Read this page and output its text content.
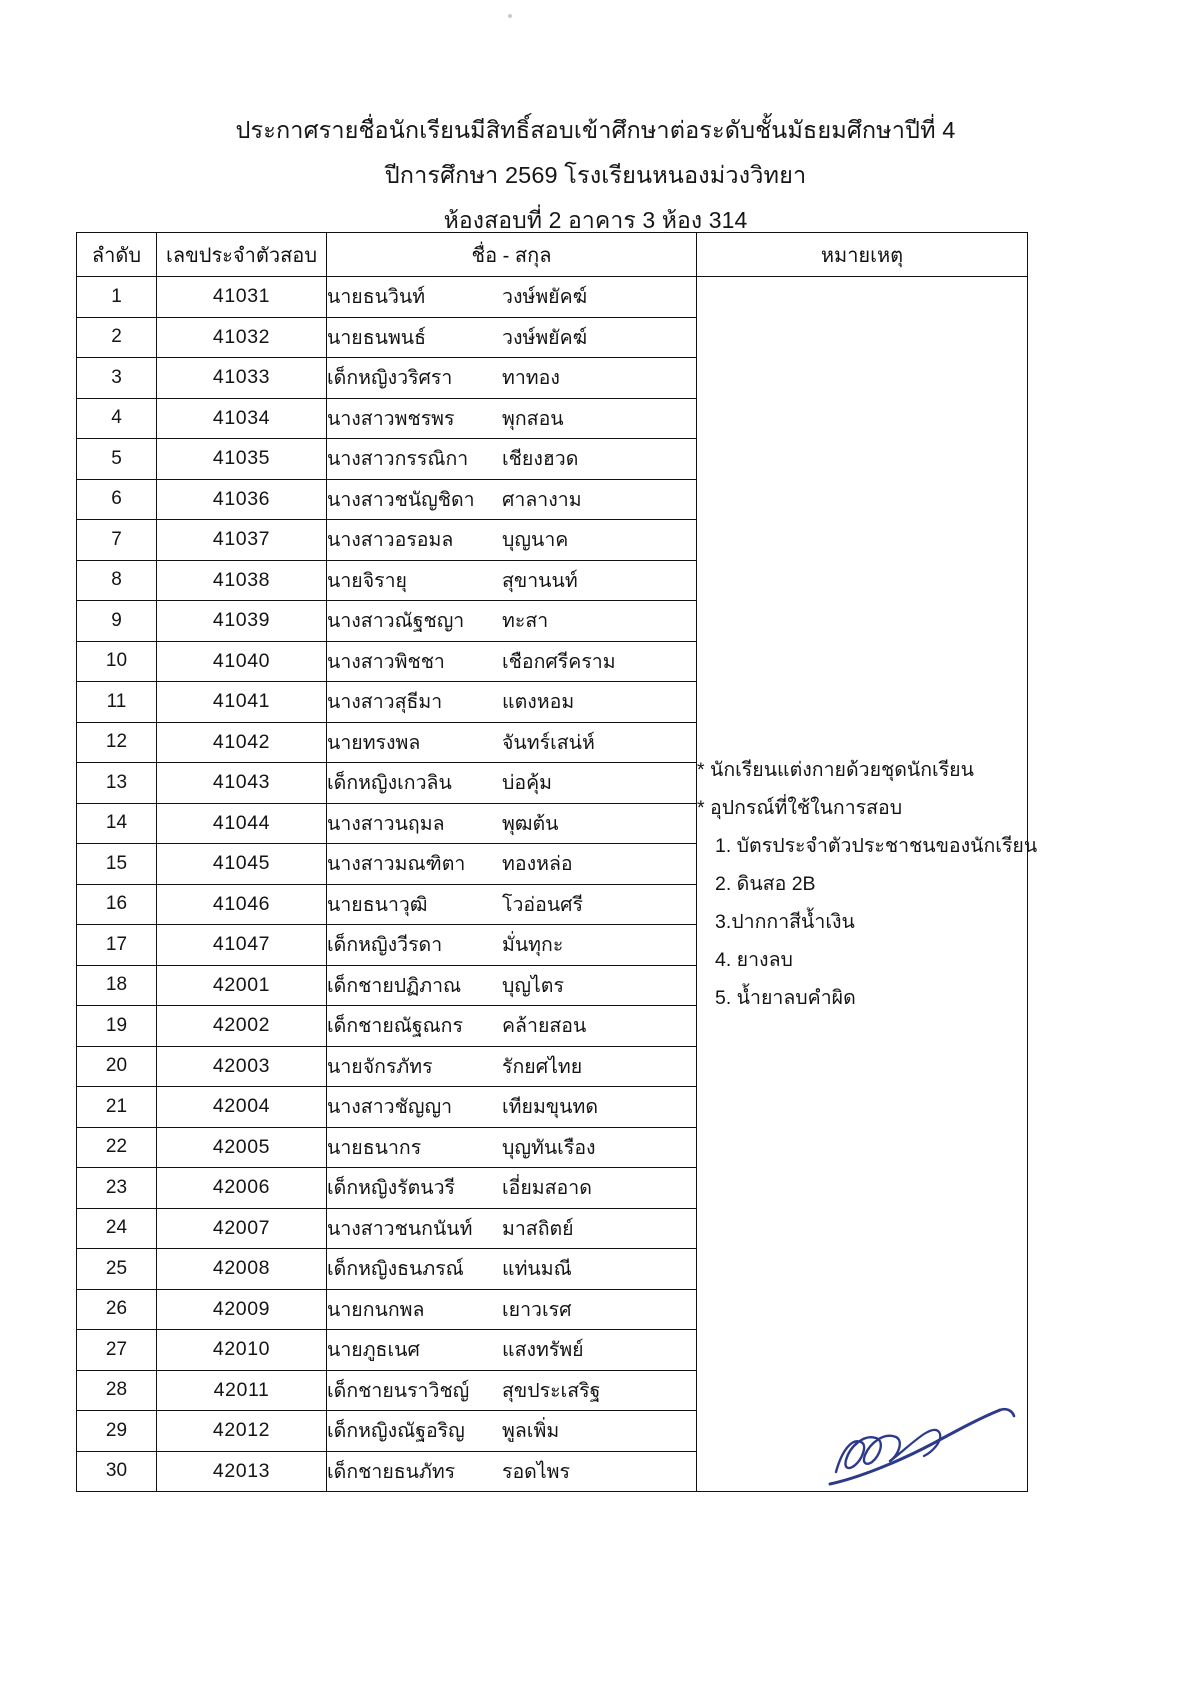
ประกาศรายชื่อนักเรียนมีสิทธิ์สอบเข้าศึกษาต่อระดับชั้นมัธยมศึกษาปีที่ 4
ปีการศึกษา 2569 โรงเรียนหนองม่วงวิทยา
ห้องสอบที่ 2 อาคาร 3 ห้อง 314
ลำดับ	เลขประจำตัวสอบ	ชื่อ - สกุล	หมายเหตุ
1	41031	นายธนวินท์	วงษ์พยัคฆ์	
* นักเรียนแต่งกายด้วยชุดนักเรียน
* อุปกรณ์ที่ใช้ในการสอบ
1. บัตรประจำตัวประชาชนของนักเรียน
2. ดินสอ 2B
3.ปากกาสีน้ำเงิน
4. ยางลบ
5. น้ำยาลบคำผิด

2	41032	นายธนพนธ์ วงษ์พยัคฆ์	
3	41033	เด็กหญิงวริศรา ทาทอง	
4	41034	นางสาวพชรพร พุกสอน	
5	41035	นางสาวกรรณิกา เชียงฮวด	
6	41036	นางสาวชนัญชิดา ศาลางาม	
7	41037	นางสาวอรอมล บุญนาค	
8	41038	นายจิรายุ สุขานนท์	
9	41039	นางสาวณัฐชญา ทะสา	
10	41040	นางสาวพิชชา เชือกศรีคราม	
11	41041	นางสาวสุธีมา แตงหอม	
12	41042	นายทรงพล จันทร์เสน่ห์	
13	41043	เด็กหญิงเกวลิน บ่อคุ้ม	
14	41044	นางสาวนฤมล พุฒต้น	
15	41045	นางสาวมณฑิตา ทองหล่อ	
16	41046	นายธนาวุฒิ โวอ่อนศรี	
17	41047	เด็กหญิงวีรดา มั่นทุกะ	
18	42001	เด็กชายปฏิภาณ บุญไตร	
19	42002	เด็กชายณัฐณกร คล้ายสอน	
20	42003	นายจักรภัทร รักยศไทย	
21	42004	นางสาวชัญญา เทียมขุนทด	
22	42005	นายธนากร บุญทันเรือง	
23	42006	เด็กหญิงรัตนวรี เอี่ยมสอาด	
24	42007	นางสาวชนกนันท์ มาสถิตย์	
25	42008	เด็กหญิงธนภรณ์ แท่นมณี	
26	42009	นายกนกพล เยาวเรศ	
27	42010	นายภูธเนศ แสงทรัพย์	
28	42011	เด็กชายนราวิชญ์ สุขประเสริฐ	
29	42012	เด็กหญิงณัฐอริญ พูลเพิ่ม	
30	42013	เด็กชายธนภัทร รอดไพร	
